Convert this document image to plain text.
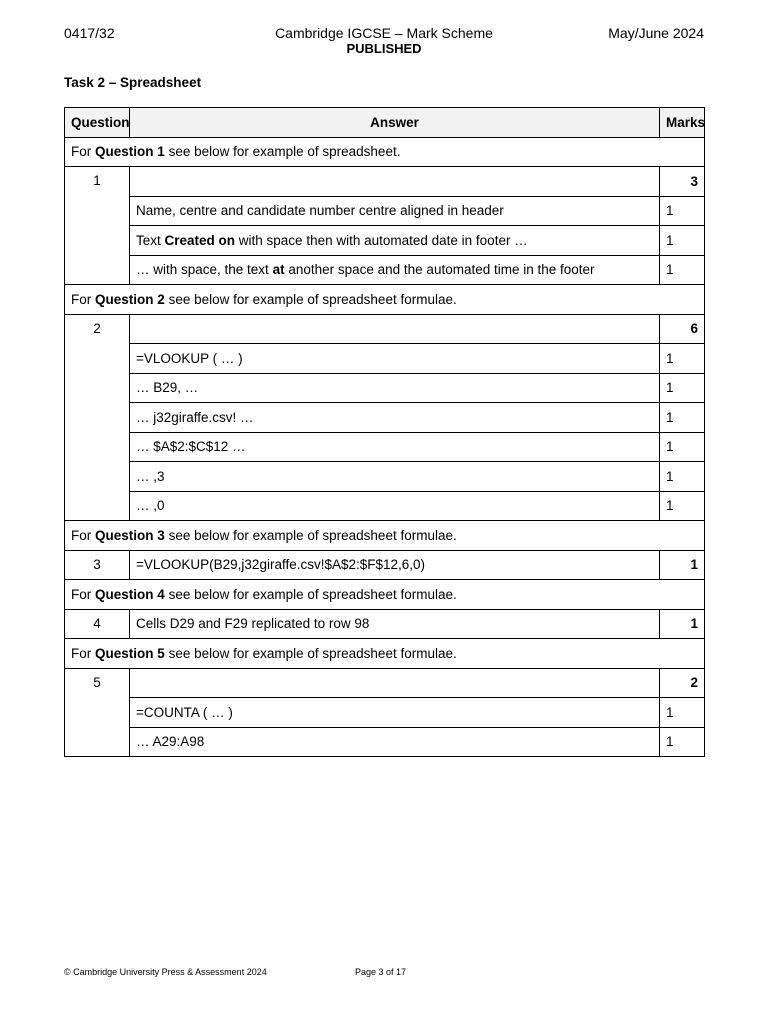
0417/32	Cambridge IGCSE – Mark Scheme
PUBLISHED
May/June 2024
Task 2 – Spreadsheet
Question	Answer	Marks
For Question 1 see below for example of spreadsheet.		
1		3
	Name, centre and candidate number centre aligned in header	1
	Text Created on with space then with automated date in footer …	1
	… with space, the text at another space and the automated time in the footer	1
For Question 2 see below for example of spreadsheet formulae.		
2		6
	=VLOOKUP ( … )	1
	… B29, …	1
	… j32giraffe.csv! …	1
	… $A$2:$C$12 …	1
	… ,3	1
	… ,0	1
For Question 3 see below for example of spreadsheet formulae.		
3	=VLOOKUP(B29,j32giraffe.csv!$A$2:$F$12,6,0)	1
For Question 4 see below for example of spreadsheet formulae.		
4	Cells D29 and F29 replicated to row 98	1
For Question 5 see below for example of spreadsheet formulae.		
5		2
	=COUNTA ( … )	1
	… A29:A98	1
© Cambridge University Press & Assessment 2024	Page 3 of 17
